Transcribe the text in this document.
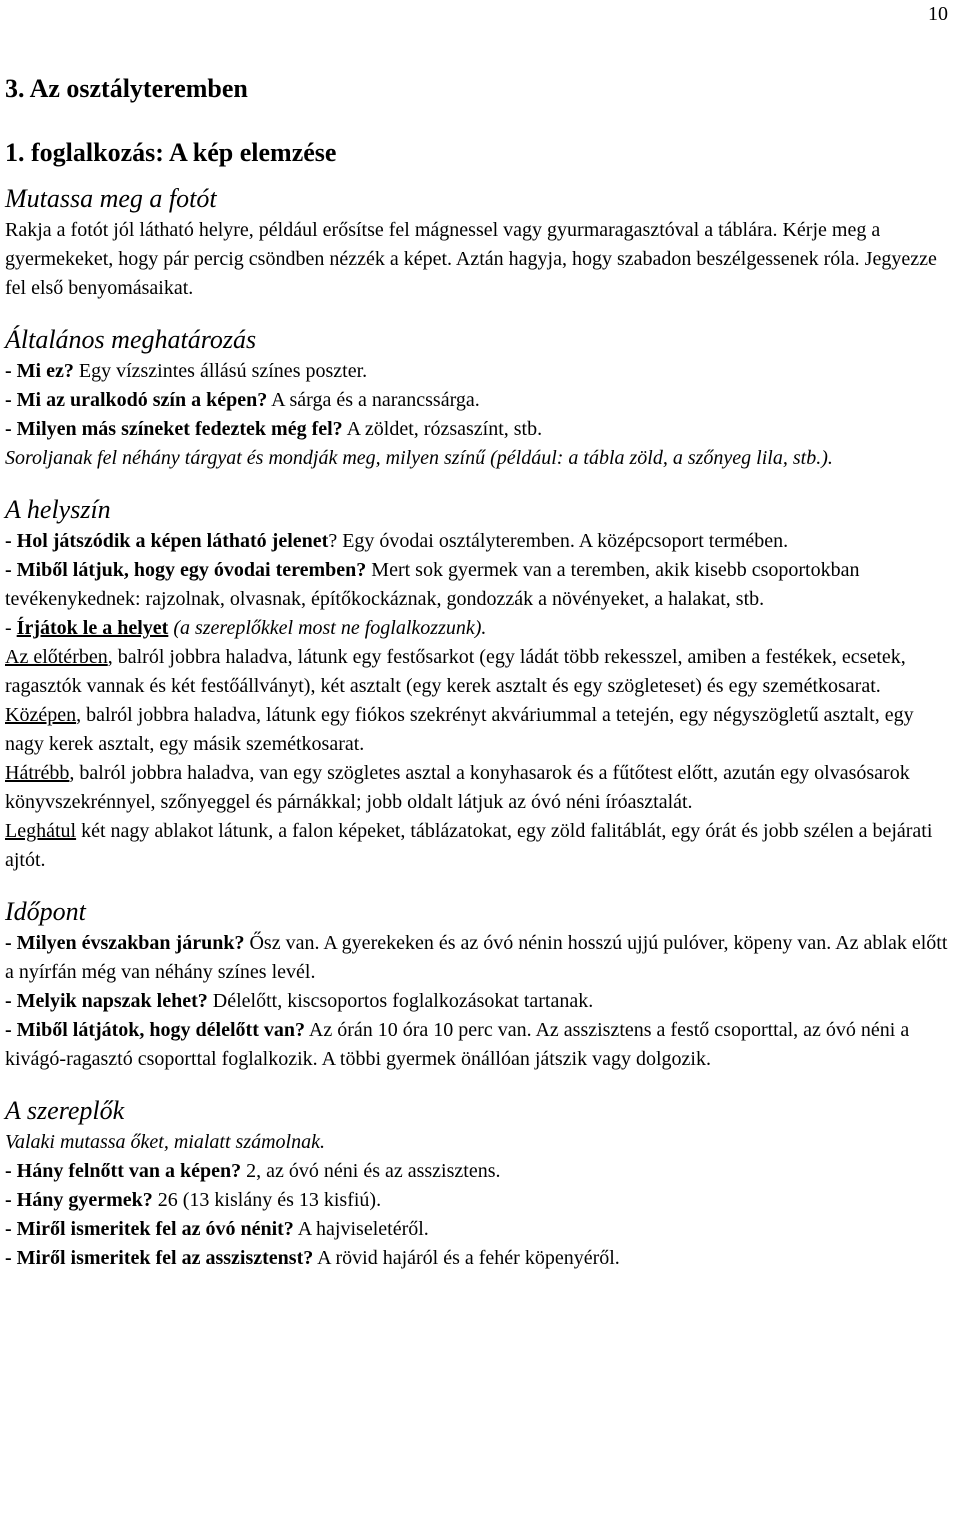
10
3. Az osztályteremben
1. foglalkozás: A kép elemzése
Mutassa meg a fotót

Rakja a fotót jól látható helyre, például erősítse fel mágnessel vagy gyurmaragasztóval a táblára. Kérje meg a gyermekeket, hogy pár percig csöndben nézzék a képet. Aztán hagyja, hogy szabadon beszélgessenek róla. Jegyezze fel első benyomásaikat.

Általános meghatározás

- Mi ez? Egy vízszintes állású színes poszter.

- Mi az uralkodó szín a képen? A sárga és a narancssárga.

- Milyen más színeket fedeztek még fel? A zöldet, rózsaszínt, stb.

Soroljanak fel néhány tárgyat és mondják meg, milyen színű (például: a tábla zöld, a szőnyeg lila, stb.).

A helyszín

- Hol játszódik a képen látható jelenet? Egy óvodai osztályteremben. A középcsoport termében.

- Miből látjuk, hogy egy óvodai teremben? Mert sok gyermek van a teremben, akik kisebb csoportokban tevékenykednek: rajzolnak, olvasnak, építőkockáznak, gondozzák a növényeket, a halakat, stb.

- Írjátok le a helyet (a szereplőkkel most ne foglalkozzunk).

Az előtérben, balról jobbra haladva, látunk egy festősarkot (egy ládát több rekesszel, amiben a festékek, ecsetek, ragasztók vannak és két festőállványt), két asztalt (egy kerek asztalt és egy szögleteset) és egy szemétkosarat.

Középen, balról jobbra haladva, látunk egy fiókos szekrényt akváriummal a tetején, egy négyszögletű asztalt, egy nagy kerek asztalt, egy másik szemétkosarat.

Hátrébb, balról jobbra haladva, van egy szögletes asztal a konyhasarok és a fűtőtest előtt, azután egy olvasósarok könyvszekrénnyel, szőnyeggel és párnákkal; jobb oldalt látjuk az óvó néni íróasztalát.

Leghátul két nagy ablakot látunk, a falon képeket, táblázatokat, egy zöld falitáblát, egy órát és jobb szélen a bejárati ajtót.

Időpont

- Milyen évszakban járunk? Ősz van. A gyerekeken és az óvó nénin hosszú ujjú pulóver, köpeny van. Az ablak előtt a nyírfán még van néhány színes levél.

- Melyik napszak lehet? Délelőtt, kiscsoportos foglalkozásokat tartanak.

- Miből látjátok, hogy délelőtt van? Az órán 10 óra 10 perc van. Az asszisztens a festő csoporttal, az óvó néni a kivágó-ragasztó csoporttal foglalkozik. A többi gyermek önállóan játszik vagy dolgozik.

A szereplők

Valaki mutassa őket, mialatt számolnak.

- Hány felnőtt van a képen? 2, az óvó néni és az asszisztens.

- Hány gyermek? 26 (13 kislány és 13 kisfiú).

- Miről ismeritek fel az óvó nénit? A hajviseletéről.

- Miről ismeritek fel az asszisztenst? A rövid hajáról és a fehér köpenyéről.
